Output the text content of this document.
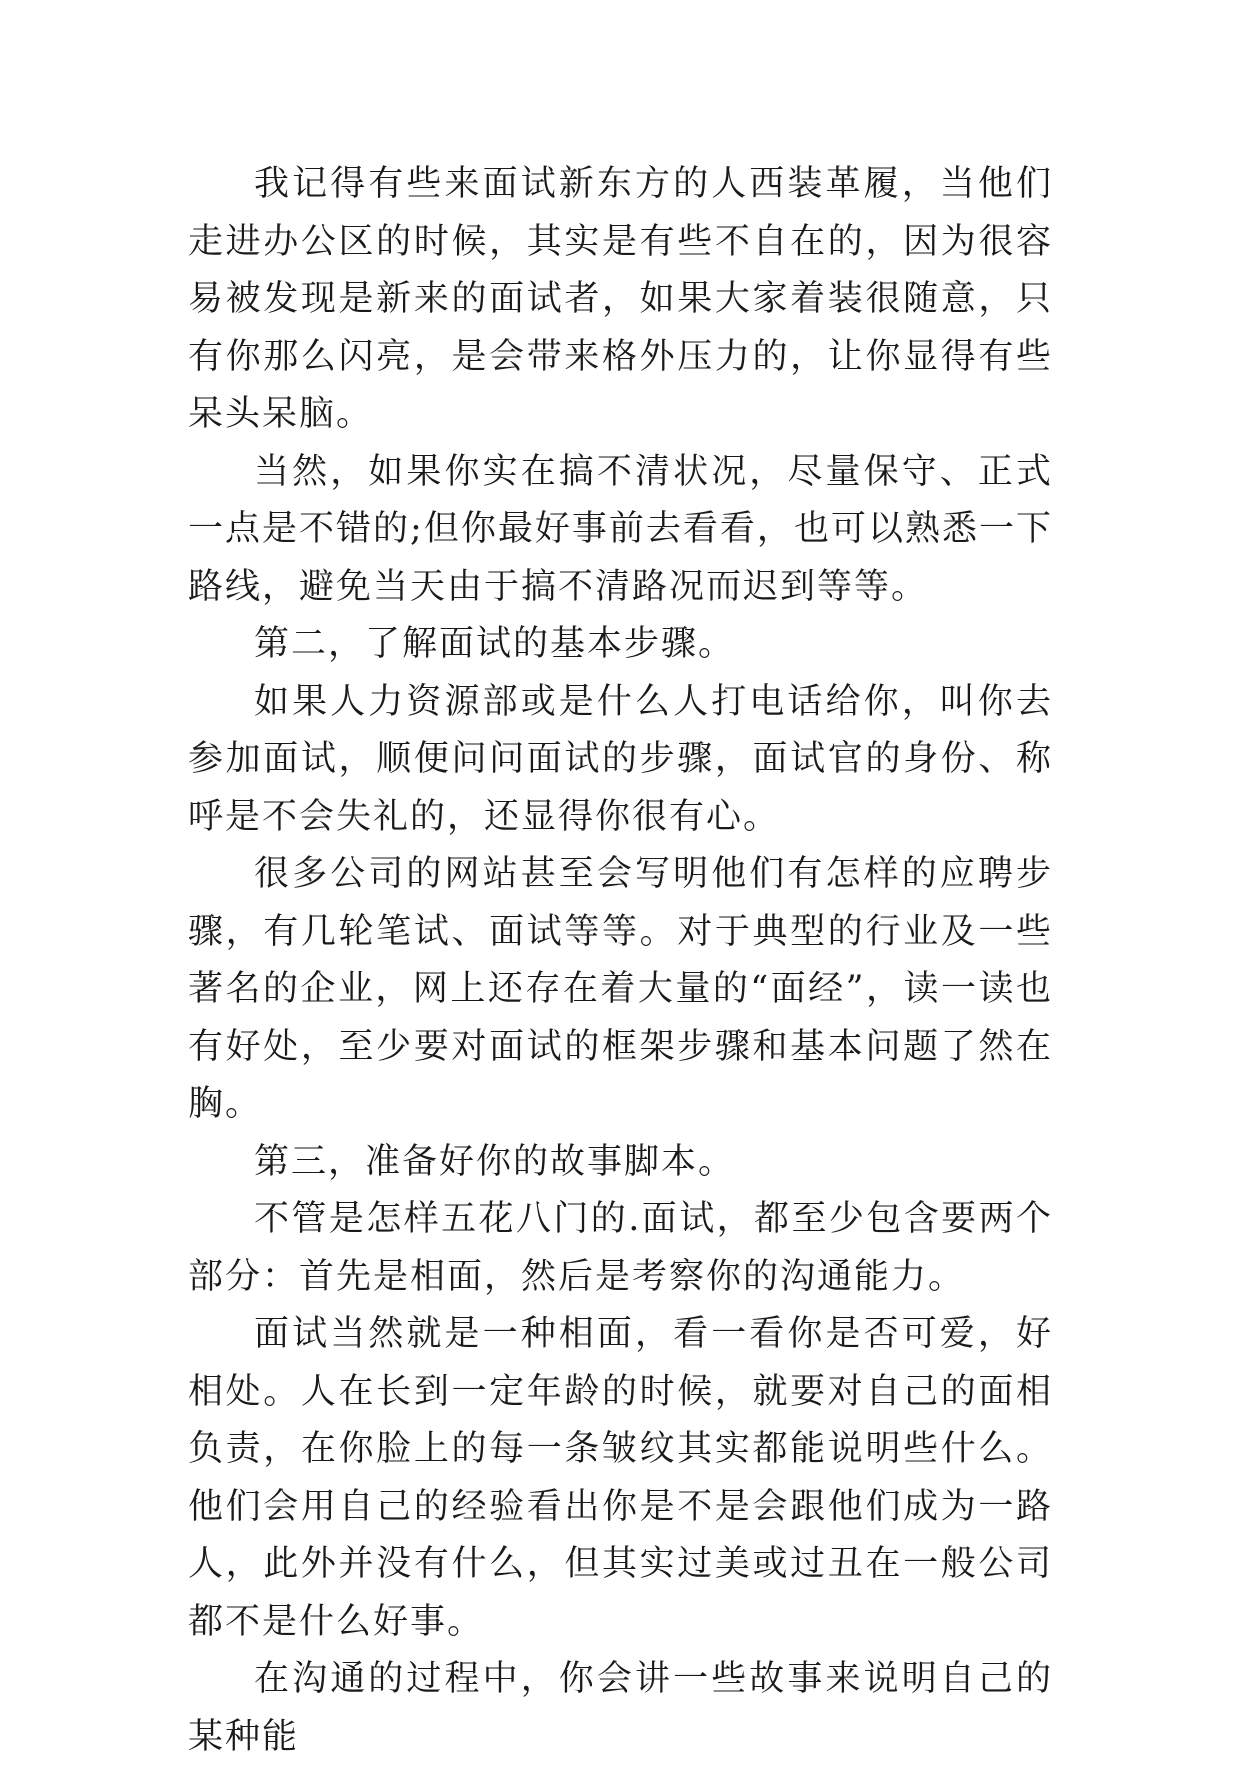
我记得有些来面试新东方的人西装革履，当他们走进办公区的时候，其实是有些不自在的，因为很容易被发现是新来的面试者，如果大家着装很随意，只有你那么闪亮，是会带来格外压力的，让你显得有些呆头呆脑。

当然，如果你实在搞不清状况，尽量保守、正式一点是不错的;但你最好事前去看看，也可以熟悉一下路线，避免当天由于搞不清路况而迟到等等。

第二，了解面试的基本步骤。

如果人力资源部或是什么人打电话给你，叫你去参加面试，顺便问问面试的步骤，面试官的身份、称呼是不会失礼的，还显得你很有心。

很多公司的网站甚至会写明他们有怎样的应聘步骤，有几轮笔试、面试等等。对于典型的行业及一些著名的企业，网上还存在着大量的“面经”，读一读也有好处，至少要对面试的框架步骤和基本问题了然在胸。

第三，准备好你的故事脚本。

不管是怎样五花八门的.面试，都至少包含要两个部分：首先是相面，然后是考察你的沟通能力。

面试当然就是一种相面，看一看你是否可爱，好相处。人在长到一定年龄的时候，就要对自己的面相负责，在你脸上的每一条皱纹其实都能说明些什么。他们会用自己的经验看出你是不是会跟他们成为一路人，此外并没有什么，但其实过美或过丑在一般公司都不是什么好事。

在沟通的过程中，你会讲一些故事来说明自己的某种能
